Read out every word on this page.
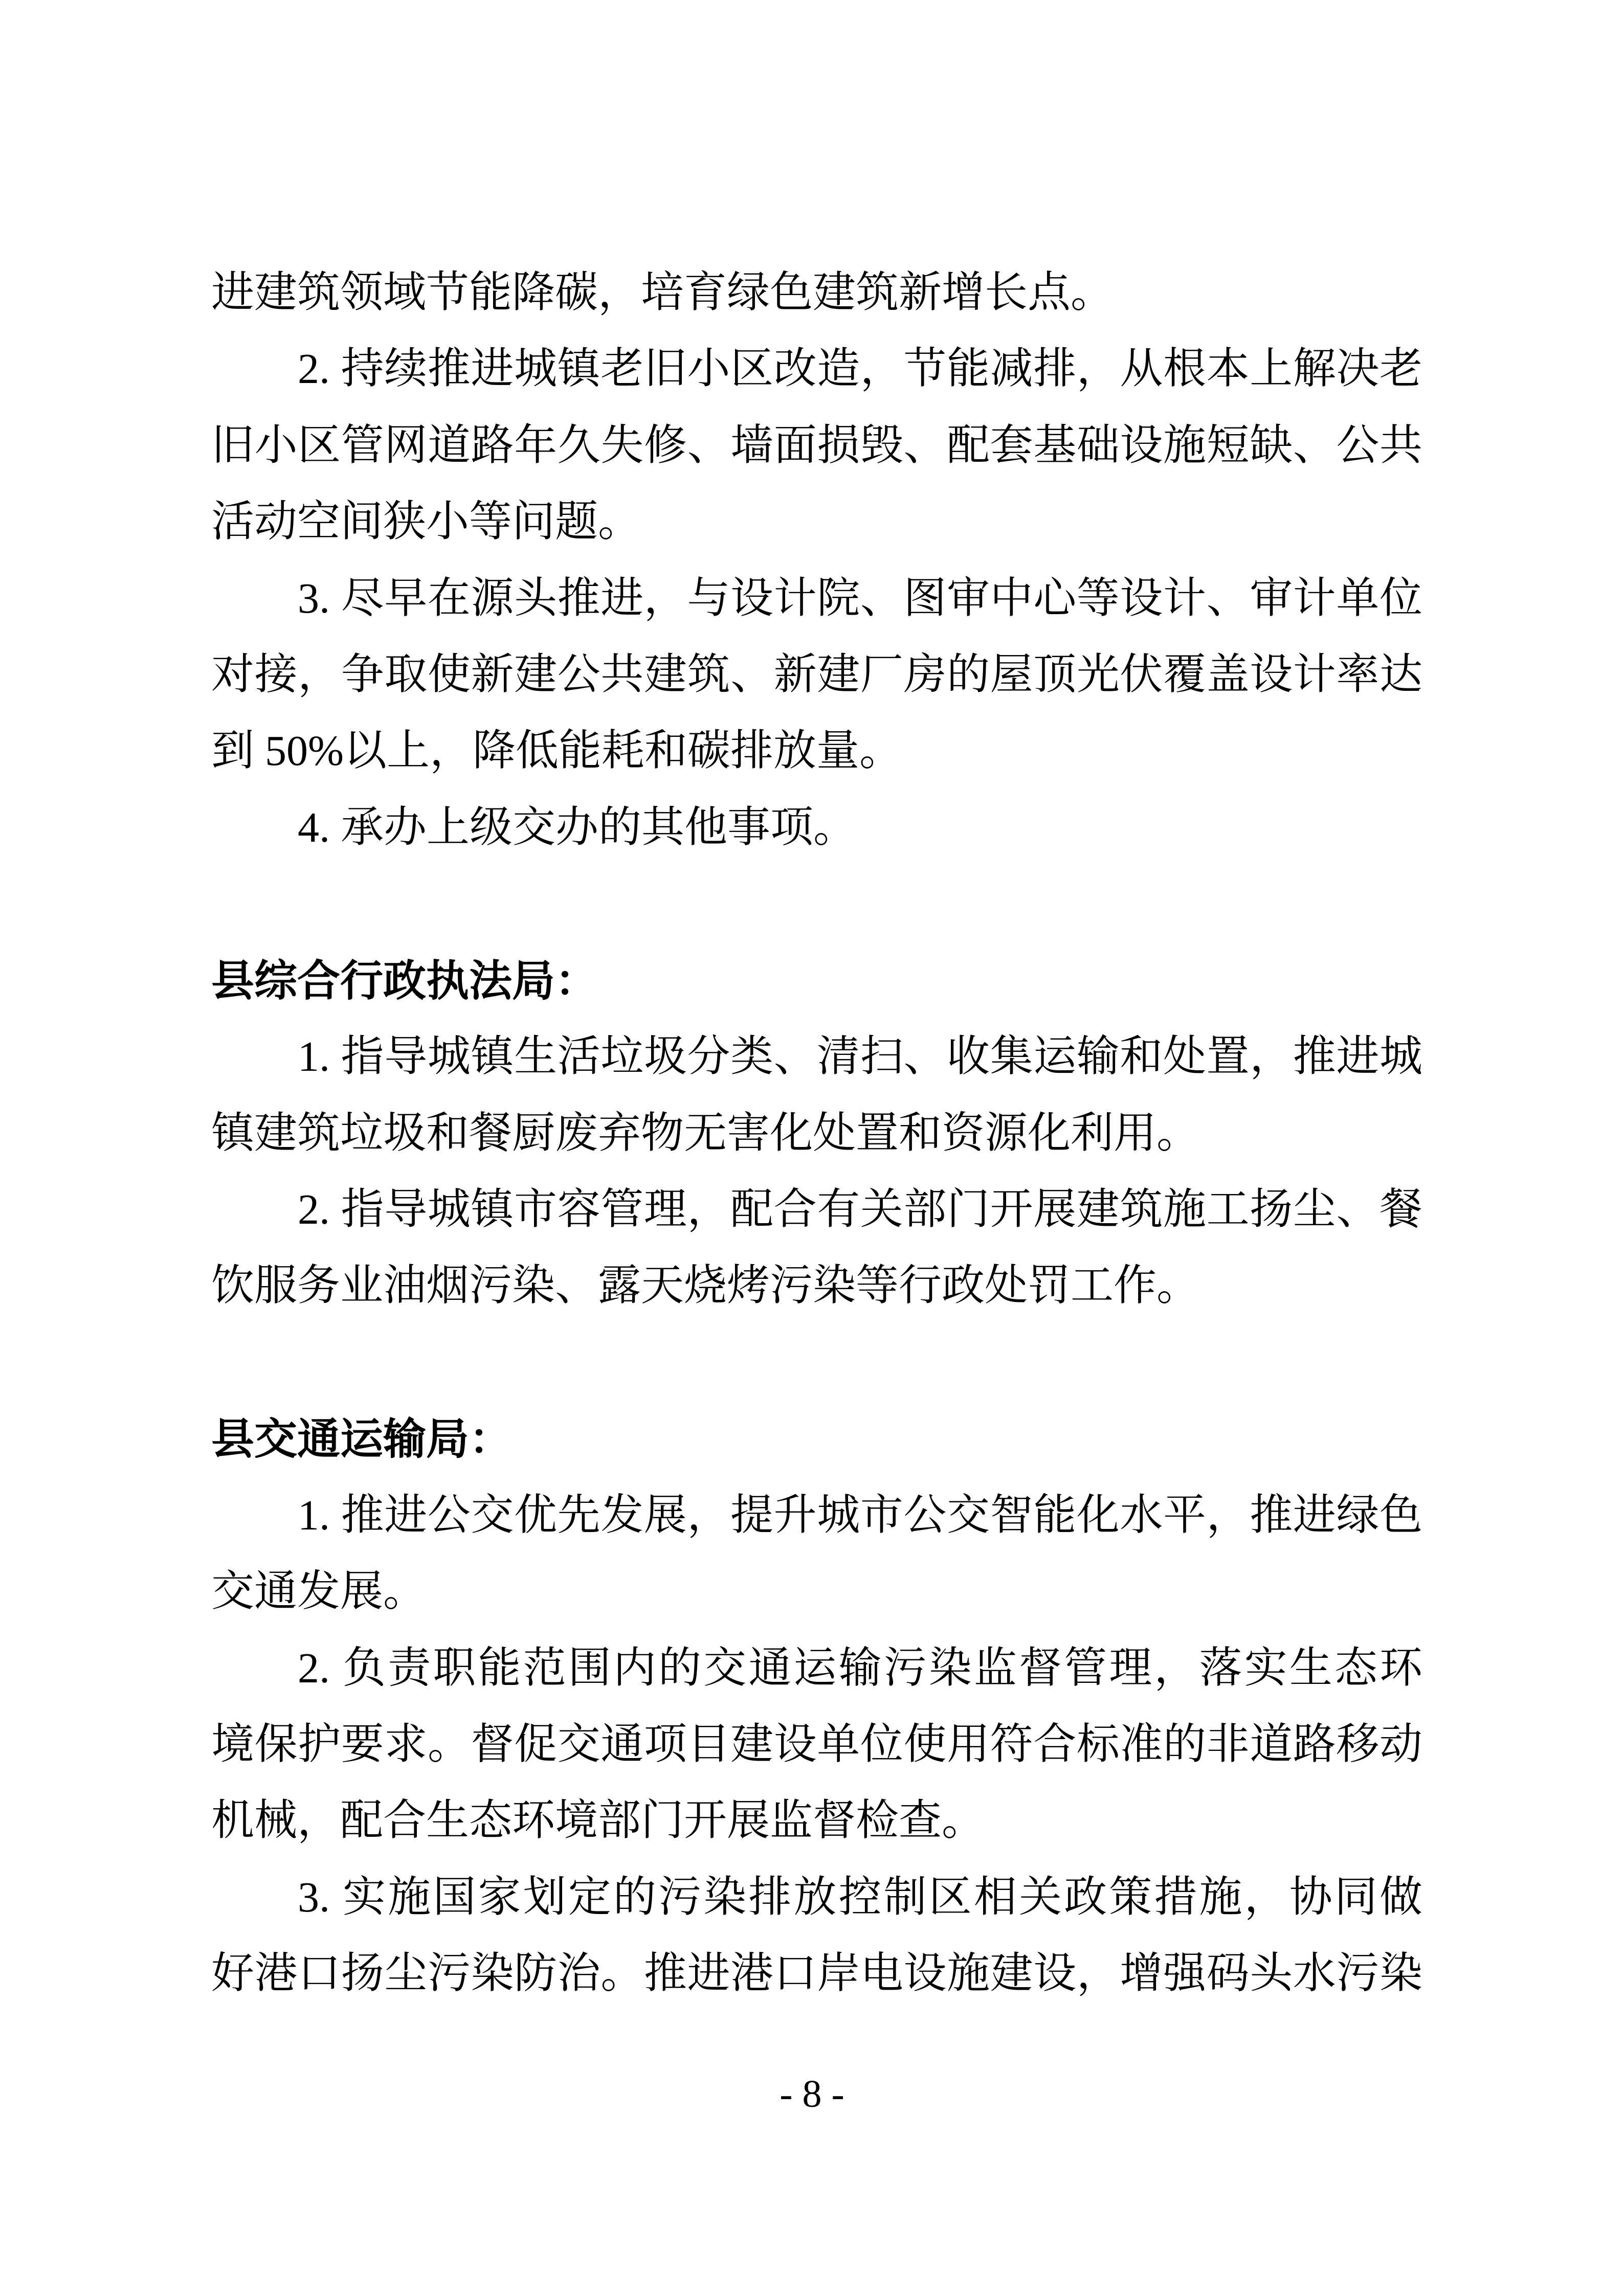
进建筑领域节能降碳，培育绿色建筑新增长点。
2. 持续推进城镇老旧小区改造，节能减排，从根本上解决老
旧小区管网道路年久失修、墙面损毁、配套基础设施短缺、公共
活动空间狭小等问题。
3. 尽早在源头推进，与设计院、图审中心等设计、审计单位
对接，争取使新建公共建筑、新建厂房的屋顶光伏覆盖设计率达
到 50%以上，降低能耗和碳排放量。
4. 承办上级交办的其他事项。
县综合行政执法局：
1. 指导城镇生活垃圾分类、清扫、收集运输和处置，推进城
镇建筑垃圾和餐厨废弃物无害化处置和资源化利用。
2. 指导城镇市容管理，配合有关部门开展建筑施工扬尘、餐
饮服务业油烟污染、露天烧烤污染等行政处罚工作。
县交通运输局：
1. 推进公交优先发展，提升城市公交智能化水平，推进绿色
交通发展。
2. 负责职能范围内的交通运输污染监督管理，落实生态环
境保护要求。督促交通项目建设单位使用符合标准的非道路移动
机械，配合生态环境部门开展监督检查。
3. 实施国家划定的污染排放控制区相关政策措施，协同做
好港口扬尘污染防治。推进港口岸电设施建设，增强码头水污染
- 8 -
